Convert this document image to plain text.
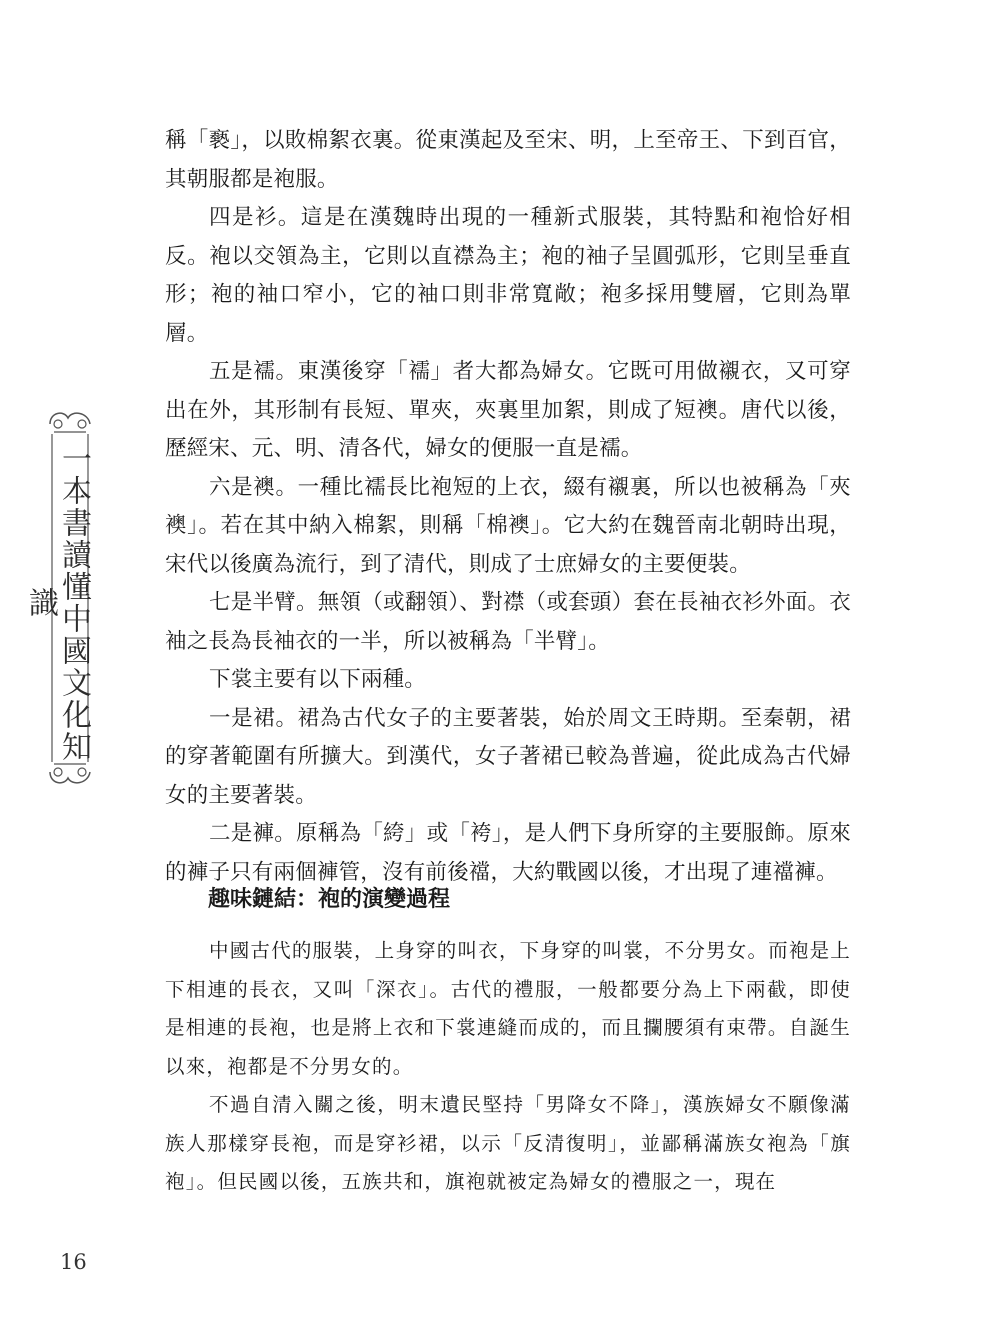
稱「褻」，以敗棉絮衣裏。從東漢起及至宋、明，上至帝王、下到百官，其朝服都是袍服。

四是衫。這是在漢魏時出現的一種新式服裝，其特點和袍恰好相反。袍以交領為主，它則以直襟為主；袍的袖子呈圓弧形，它則呈垂直形；袍的袖口窄小，它的袖口則非常寬敞；袍多採用雙層，它則為單層。

五是襦。東漢後穿「襦」者大都為婦女。它既可用做襯衣，又可穿出在外，其形制有長短、單夾，夾裏里加絮，則成了短襖。唐代以後，歷經宋、元、明、清各代，婦女的便服一直是襦。

六是襖。一種比襦長比袍短的上衣，綴有襯裏，所以也被稱為「夾襖」。若在其中納入棉絮，則稱「棉襖」。它大約在魏晉南北朝時出現，宋代以後廣為流行，到了清代，則成了士庶婦女的主要便裝。

七是半臂。無領（或翻領）、對襟（或套頭）套在長袖衣衫外面。衣袖之長為長袖衣的一半，所以被稱為「半臂」。

下裳主要有以下兩種。

一是裙。裙為古代女子的主要著裝，始於周文王時期。至秦朝，裙的穿著範圍有所擴大。到漢代，女子著裙已較為普遍，從此成為古代婦女的主要著裝。

二是褲。原稱為「絝」或「袴」，是人們下身所穿的主要服飾。原來的褲子只有兩個褲管，沒有前後襠，大約戰國以後，才出現了連襠褲。

趣味鏈結：袍的演變過程

中國古代的服裝，上身穿的叫衣，下身穿的叫裳，不分男女。而袍是上下相連的長衣，又叫「深衣」。古代的禮服，一般都要分為上下兩截，即使是相連的長袍，也是將上衣和下裳連縫而成的，而且攔腰須有束帶。自誕生以來，袍都是不分男女的。

不過自清入關之後，明末遺民堅持「男降女不降」，漢族婦女不願像滿族人那樣穿長袍，而是穿衫裙，以示「反清復明」，並鄙稱滿族女袍為「旗袍」。但民國以後，五族共和，旗袍就被定為婦女的禮服之一，現在

一本書讀懂中國文化知識

16
